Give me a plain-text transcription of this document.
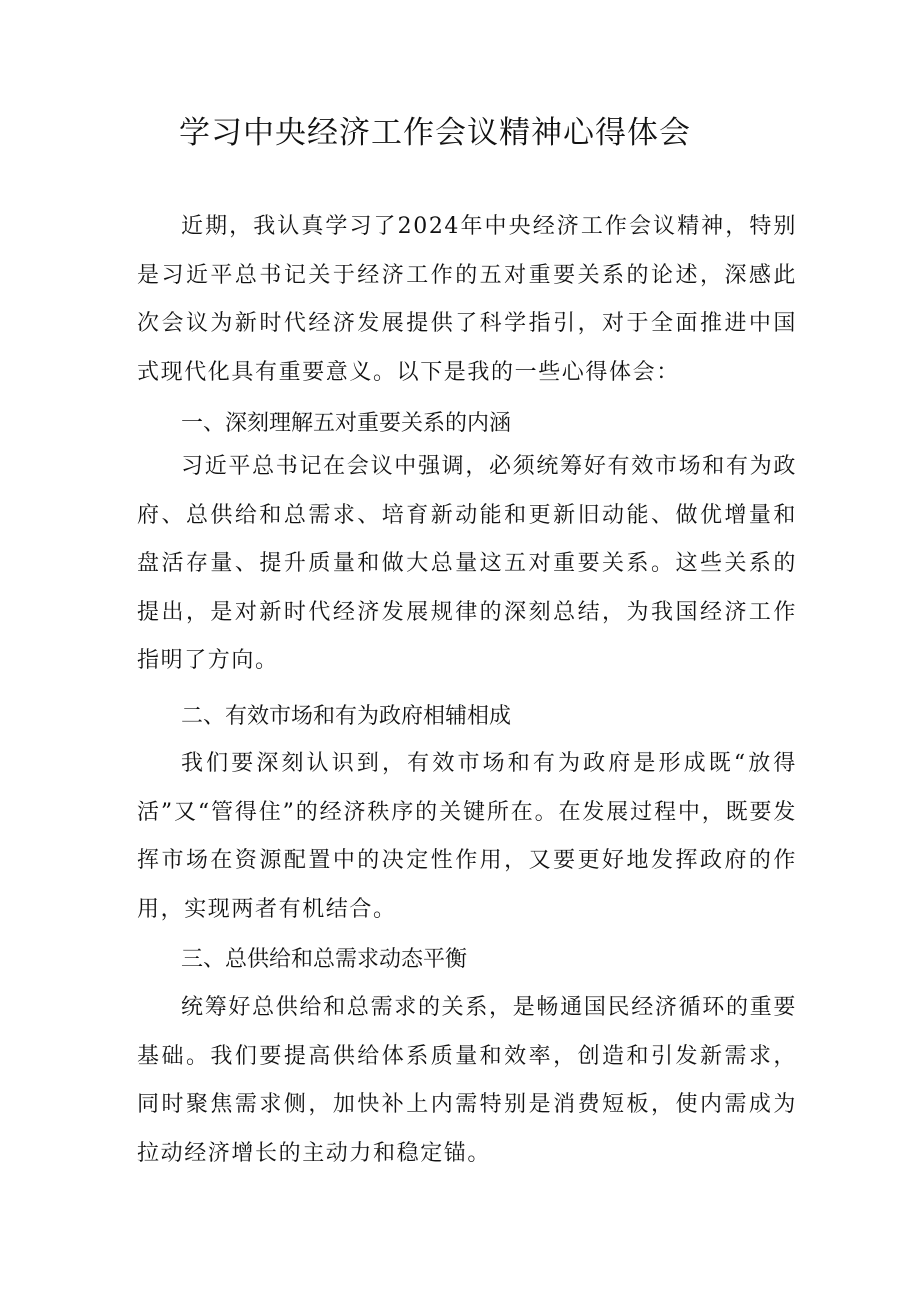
学习中央经济工作会议精神心得体会

近期，我认真学习了2024年中央经济工作会议精神，特别是习近平总书记关于经济工作的五对重要关系的论述，深感此次会议为新时代经济发展提供了科学指引，对于全面推进中国式现代化具有重要意义。以下是我的一些心得体会：

一、深刻理解五对重要关系的内涵

习近平总书记在会议中强调，必须统筹好有效市场和有为政府、总供给和总需求、培育新动能和更新旧动能、做优增量和盘活存量、提升质量和做大总量这五对重要关系。这些关系的提出，是对新时代经济发展规律的深刻总结，为我国经济工作指明了方向。

二、有效市场和有为政府相辅相成

我们要深刻认识到，有效市场和有为政府是形成既“放得活”又“管得住”的经济秩序的关键所在。在发展过程中，既要发挥市场在资源配置中的决定性作用，又要更好地发挥政府的作用，实现两者有机结合。

三、总供给和总需求动态平衡

统筹好总供给和总需求的关系，是畅通国民经济循环的重要基础。我们要提高供给体系质量和效率，创造和引发新需求，同时聚焦需求侧，加快补上内需特别是消费短板，使内需成为拉动经济增长的主动力和稳定锚。
